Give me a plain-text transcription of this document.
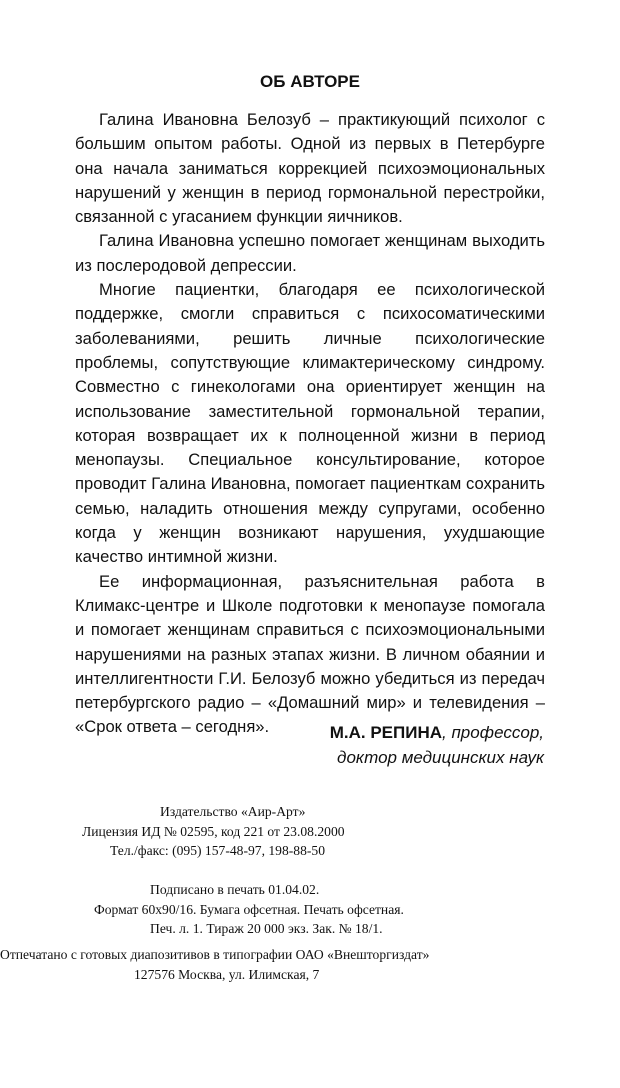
ОБ АВТОРЕ

Галина Ивановна Белозуб – практикующий психолог с большим опытом работы. Одной из первых в Петербурге она начала заниматься коррекцией психоэмоциональных нарушений у женщин в период гормональной перестройки, связанной с угасанием функции яичников.

Галина Ивановна успешно помогает женщинам выходить из послеродовой депрессии.

Многие пациентки, благодаря ее психологической поддержке, смогли справиться с психосоматическими заболеваниями, решить личные психологические проблемы, сопутствующие климактерическому синдрому. Совместно с гинекологами она ориентирует женщин на использование заместительной гормональной терапии, которая возвращает их к полноценной жизни в период менопаузы. Специальное консультирование, которое проводит Галина Ивановна, помогает пациенткам сохранить семью, наладить отношения между супругами, особенно когда у женщин возникают нарушения, ухудшающие качество интимной жизни.

Ее информационная, разъяснительная работа в Климакс-центре и Школе подготовки к менопаузе помогала и помогает женщинам справиться с психоэмоциональными нарушениями на разных этапах жизни. В личном обаянии и интеллигентности Г.И. Белозуб можно убедиться из передач петербургского радио – «Домашний мир» и телевидения – «Срок ответа – сегодня».	М.А. РЕПИНА, профессор,
доктор медицинских наук
Издательство «Аир-Арт»
Лицензия ИД № 02595, код 221 от 23.08.2000
Тел./факс: (095) 157-48-97, 198-88-50
Подписано в печать 01.04.02.
Формат 60х90/16. Бумага офсетная. Печать офсетная.
Печ. л. 1. Тираж 20 000 экз. Зак. № 18/1.
Отпечатано с готовых диапозитивов в типографии ОАО «Внешторгиздат»
127576 Москва, ул. Илимская, 7
